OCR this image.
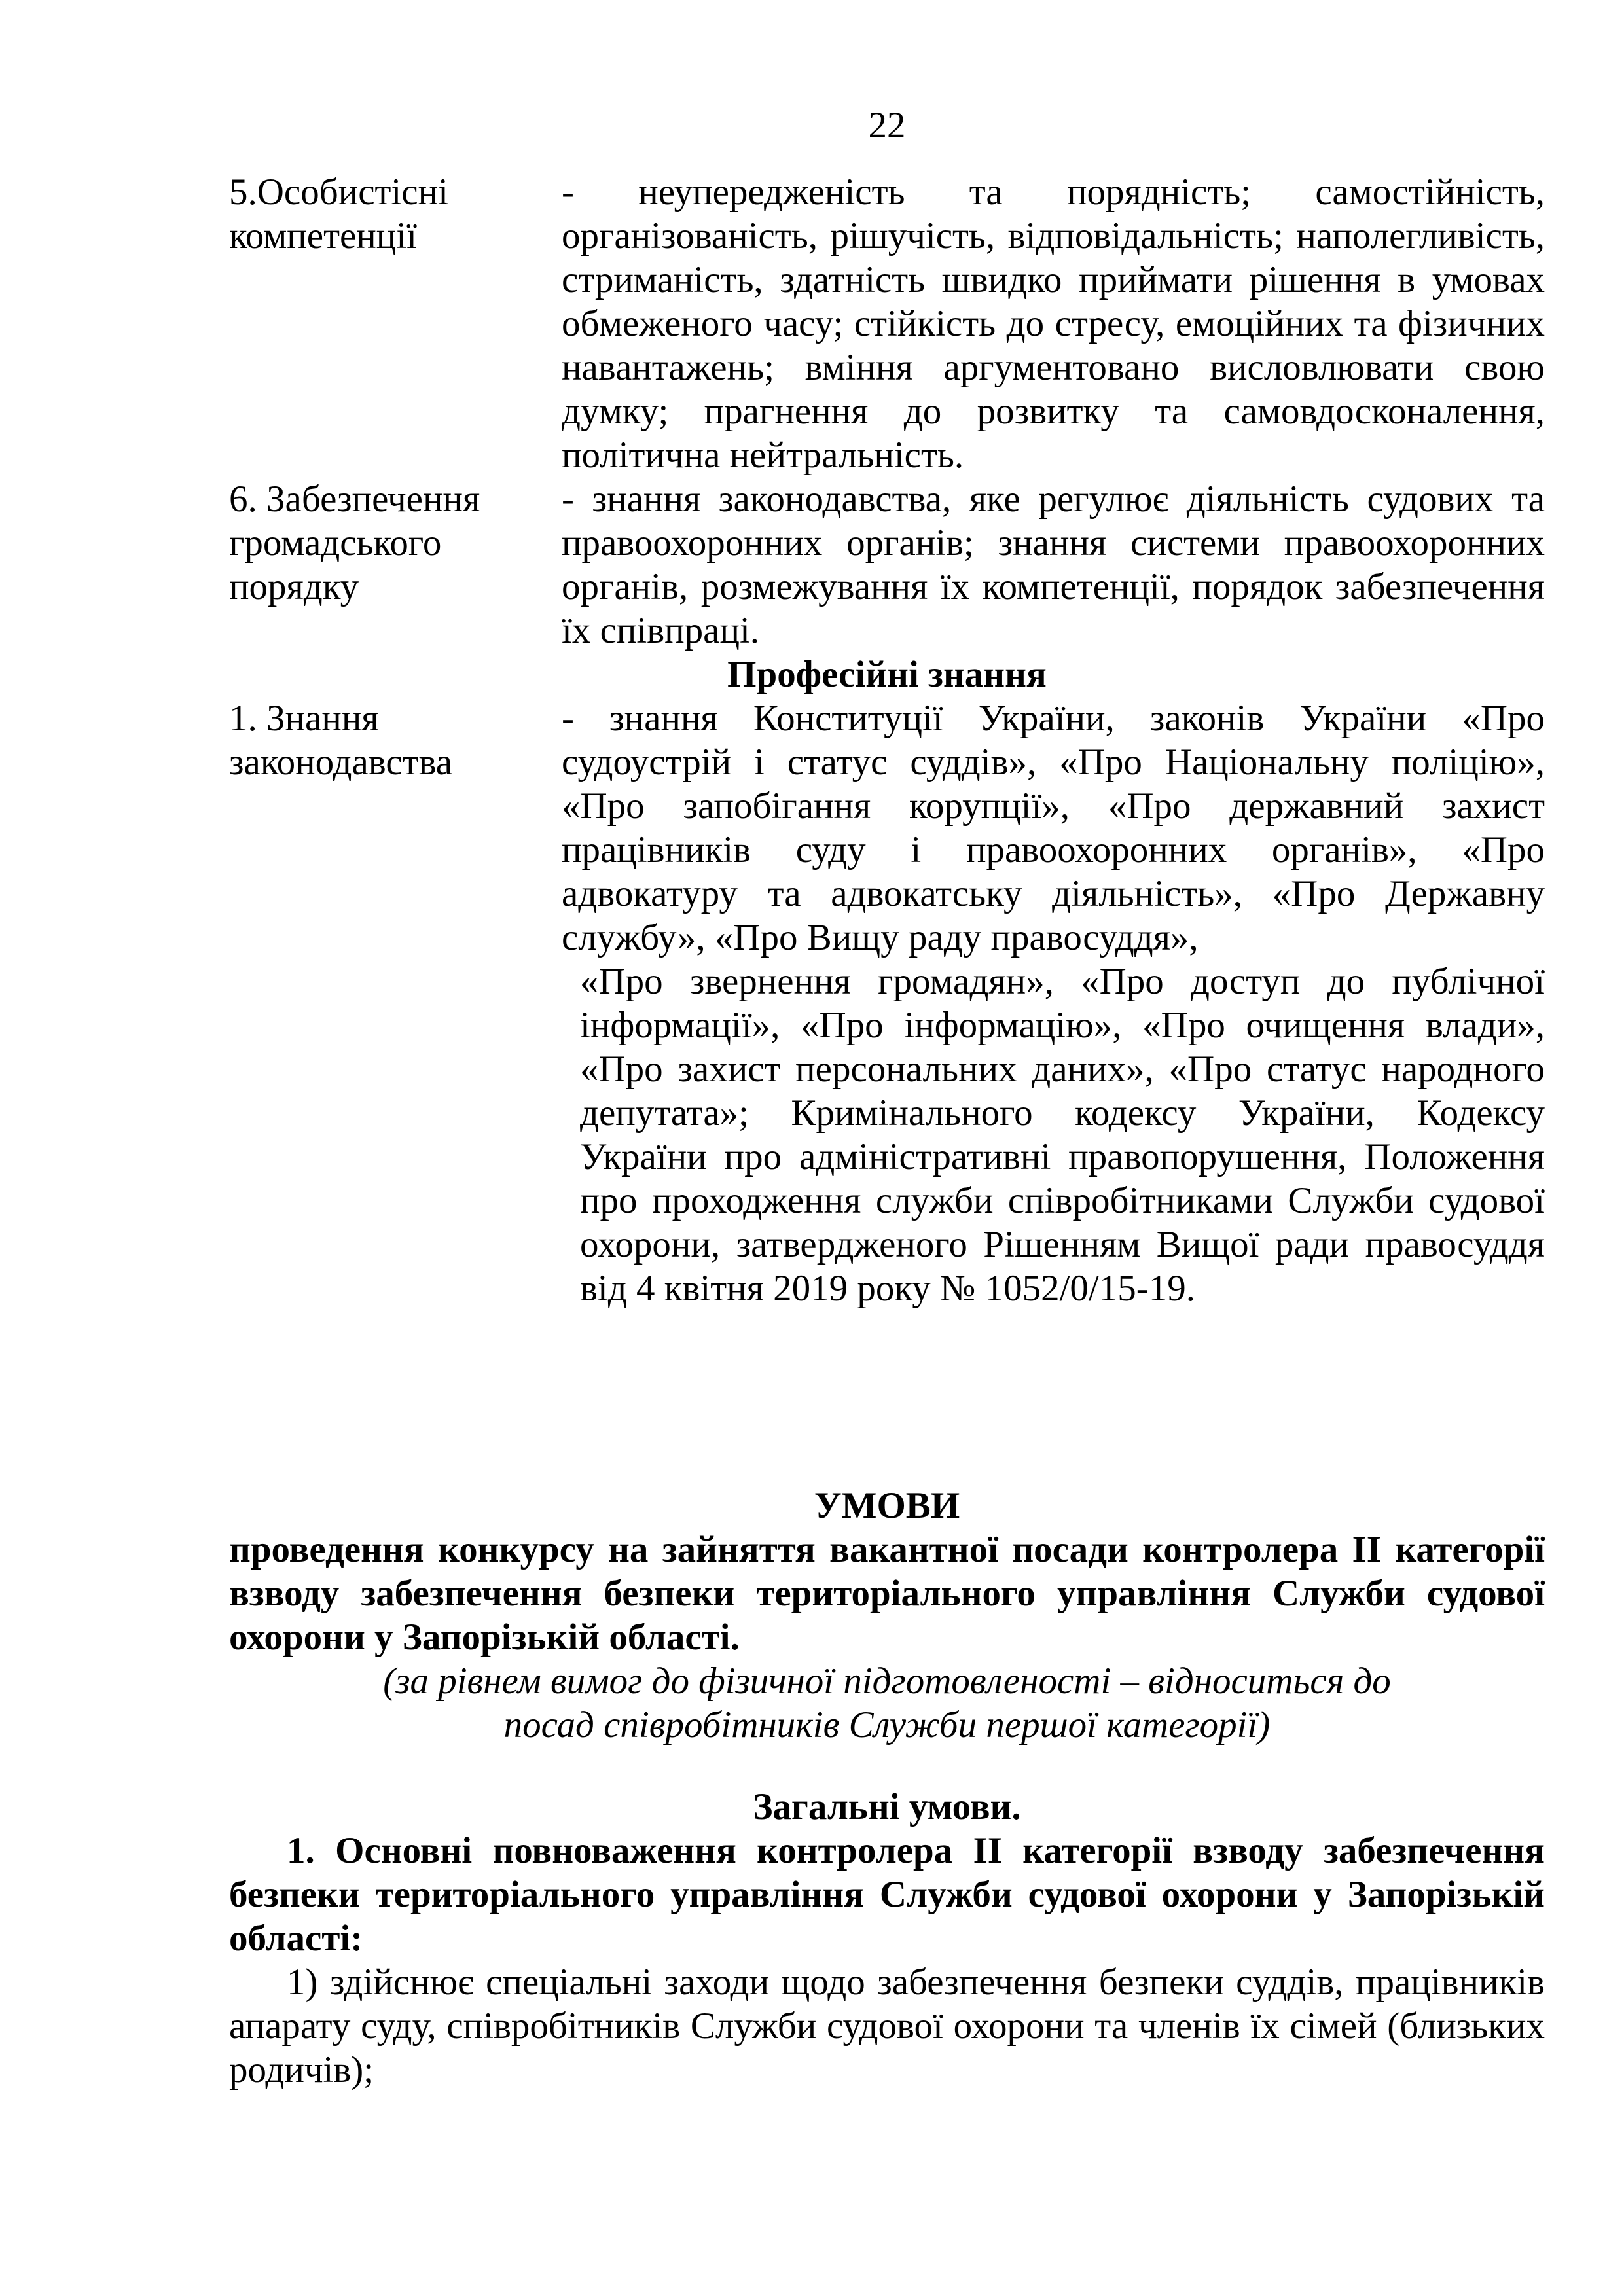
22
5.Особистісні компетенції
- неупередженість та порядність; самостійність, організованість, рішучість, відповідальність; наполегливість, стриманість, здатність швидко приймати рішення в умовах обмеженого часу; стійкість до стресу, емоційних та фізичних навантажень; вміння аргументовано висловлювати свою думку; прагнення до розвитку та самовдосконалення, політична нейтральність.
6. Забезпечення громадського порядку
- знання законодавства, яке регулює діяльність судових та правоохоронних органів; знання системи правоохоронних органів, розмежування їх компетенції, порядок забезпечення їх співпраці.
Професійні знання
1. Знання законодавства

- знання Конституції України, законів України «Про судоустрій і статус суддів», «Про Національну поліцію», «Про запобігання корупції», «Про державний захист працівників суду і правоохоронних органів», «Про адвокатуру та адвокатську діяльність», «Про Державну службу», «Про Вищу раду правосуддя»,

«Про звернення громадян», «Про доступ до публічної інформації», «Про інформацію», «Про очищення влади», «Про захист персональних даних», «Про статус народного депутата»; Кримінального кодексу України, Кодексу України про адміністративні правопорушення, Положення про проходження служби співробітниками Служби судової охорони, затвердженого Рішенням Вищої ради правосуддя від 4 квітня 2019 року № 1052/0/15-19.

УМОВИ

проведення конкурсу на зайняття вакантної посади контролера II категорії взводу забезпечення безпеки територіального управління Служби судової охорони у Запорізькій області.

(за рівнем вимог до фізичної підготовленості – відноситься до посад співробітників Служби першої категорії)

Загальні умови.

1. Основні повноваження контролера II категорії взводу забезпечення безпеки територіального управління Служби судової охорони у Запорізькій області:

1) здійснює спеціальні заходи щодо забезпечення безпеки суддів, працівників апарату суду, співробітників Служби судової охорони та членів їх сімей (близьких родичів);
